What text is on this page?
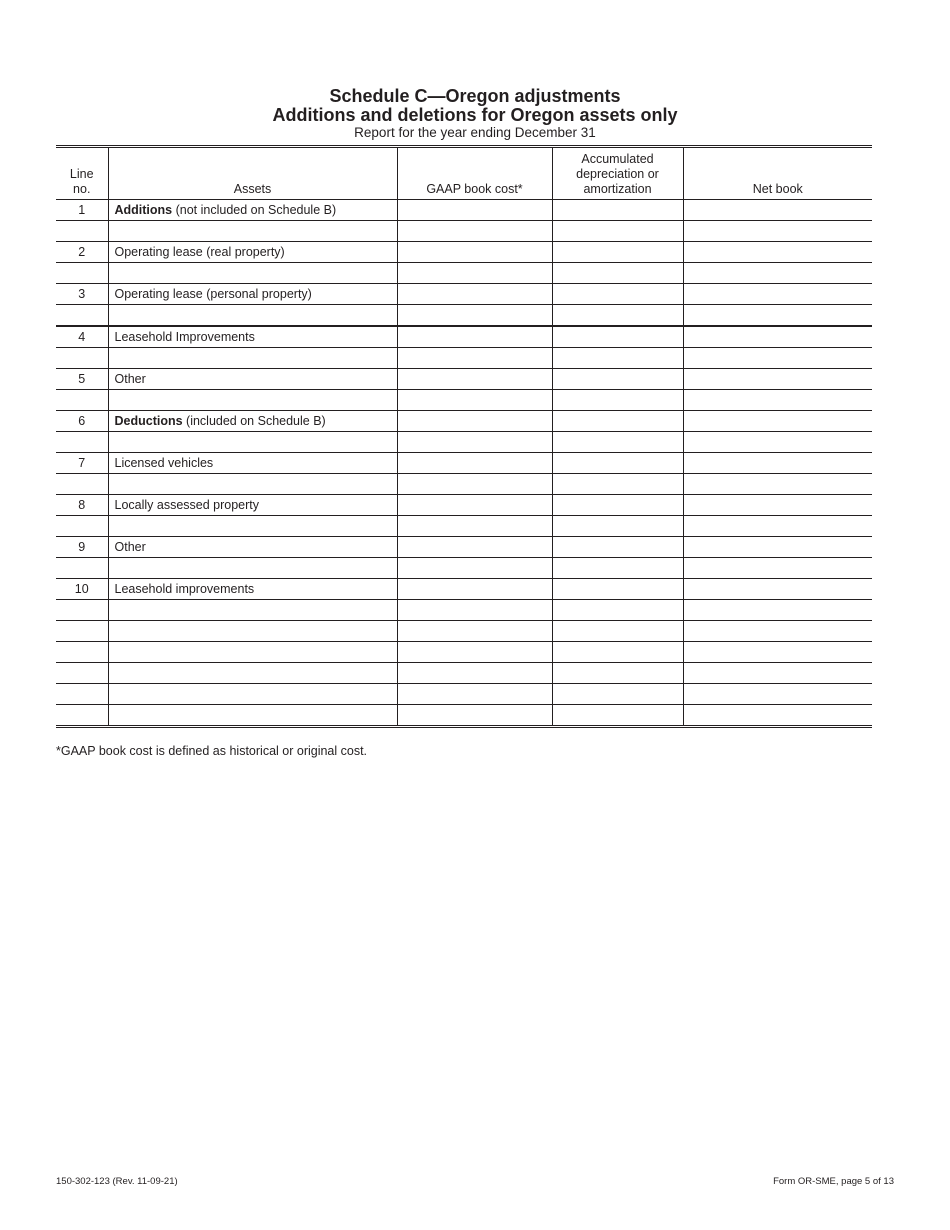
Schedule C—Oregon adjustments
Additions and deletions for Oregon assets only
Report for the year ending December 31
Line
no.	Assets	GAAP book cost*	Accumulated
depreciation or
amortization	Net book
1	Additions (not included on Schedule B)			

2	Operating lease (real property)			

3	Operating lease (personal property)			

4	Leasehold Improvements			

5	Other			

6	Deductions (included on Schedule B)			

7	Licensed vehicles			

8	Locally assessed property			

9	Other			

10	Leasehold improvements			

*GAAP book cost is defined as historical or original cost.
150-302-123 (Rev. 11-09-21)	Form OR-SME, page 5 of 13
